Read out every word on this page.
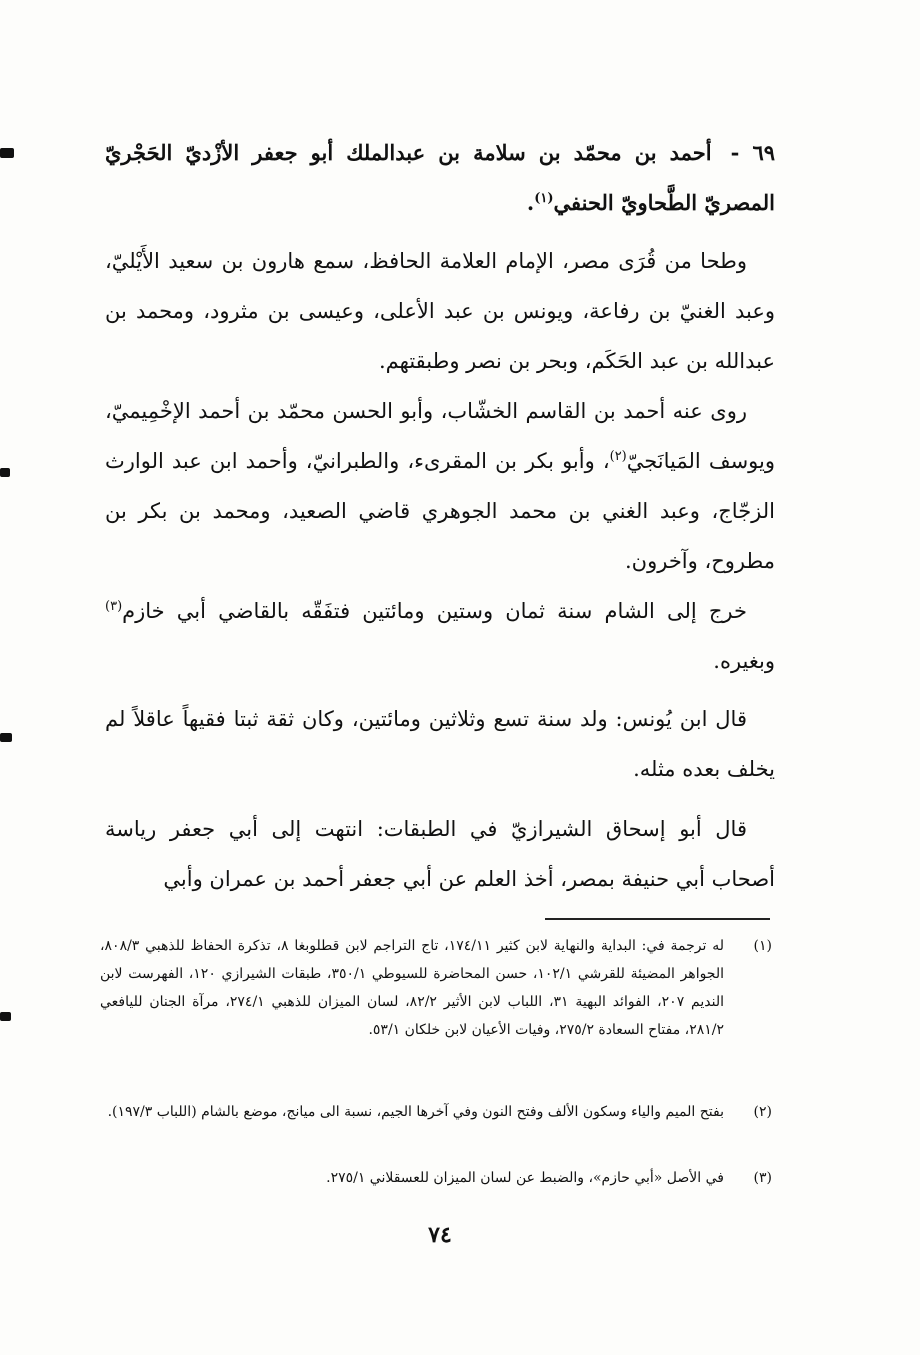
٦٩ - أحمد بن محمّد بن سلامة بن عبدالملك أبو جعفر الأزْديّ الحَجْريّ المصريّ الطَّحاويّ الحنفي$^{(١)}$.
وطحا من قُرَى مصر، الإمام العلامة الحافظ، سمع هارون بن سعيد الأَيْليّ، وعبد الغنيّ بن رفاعة، ويونس بن عبد الأعلى، وعيسى بن مثرود، ومحمد بن عبدالله بن عبد الحَكَم، وبحر بن نصر وطبقتهم.
روى عنه أحمد بن القاسم الخشّاب، وأبو الحسن محمّد بن أحمد الإخْمِيميّ، ويوسف المَيانَجيّ$^{(٢)}$، وأبو بكر بن المقرىء، والطبرانيّ، وأحمد ابن عبد الوارث الزجّاج، وعبد الغني بن محمد الجوهري قاضي الصعيد، ومحمد بن بكر بن مطروح، وآخرون.
خرج إلى الشام سنة ثمان وستين ومائتين فتفَقّه بالقاضي أبي خازم$^{(٣)}$ وبغيره.
قال ابن يُونس: ولد سنة تسع وثلاثين ومائتين، وكان ثقة ثبتا فقيهاً عاقلاً لم يخلف بعده مثله.
قال أبو إسحاق الشيرازيّ في الطبقات: انتهت إلى أبي جعفر رياسة أصحاب أبي حنيفة بمصر، أخذ العلم عن أبي جعفر أحمد بن عمران وأبي
(١)
له ترجمة في: البداية والنهاية لابن كثير ١٧٤/١١، تاج التراجم لابن قطلوبغا ٨، تذكرة الحفاظ للذهبي ٨٠٨/٣، الجواهر المضيئة للقرشي ١٠٢/١، حسن المحاضرة للسيوطي ٣٥٠/١، طبقات الشيرازي ١٢٠، الفهرست لابن النديم ٢٠٧، الفوائد البهية ٣١، اللباب لابن الأثير ٨٢/٢، لسان الميزان للذهبي ٢٧٤/١، مرآة الجنان لليافعي ٢٨١/٢، مفتاح السعادة ٢٧٥/٢، وفيات الأعيان لابن خلكان ٥٣/١.
(٢)
بفتح الميم والياء وسكون الألف وفتح النون وفي آخرها الجيم، نسبة الى ميانج، موضع بالشام (اللباب ١٩٧/٣).
(٣)
في الأصل «أبي حازم»، والضبط عن لسان الميزان للعسقلاني ٢٧٥/١.
٧٤
